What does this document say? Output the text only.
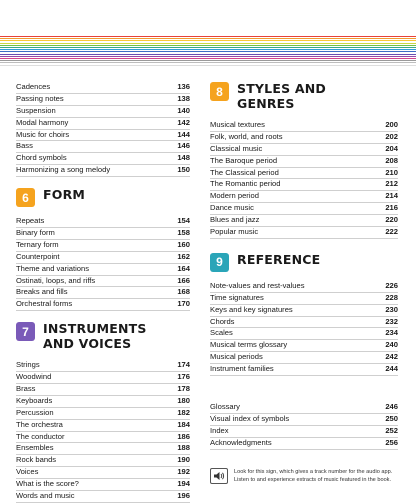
Cadences	136
Passing notes	138
Suspension	140
Modal harmony	142
Music for choirs	144
Bass	146
Chord symbols	148
Harmonizing a song melody	150
6	FORM
Repeats	154
Binary form	158
Ternary form	160
Counterpoint	162
Theme and variations	164
Ostinati, loops, and riffs	166
Breaks and fills	168
Orchestral forms	170
7	INSTRUMENTS
AND VOICES
Strings	174
Woodwind	176
Brass	178
Keyboards	180
Percussion	182
The orchestra	184
The conductor	186
Ensembles	188
Rock bands	190
Voices	192
What is the score?	194
Words and music	196
8	STYLES AND
GENRES
Musical textures	200
Folk, world, and roots	202
Classical music	204
The Baroque period	208
The Classical period	210
The Romantic period	212
Modern period	214
Dance music	216
Blues and jazz	220
Popular music	222
9	REFERENCE
Note-values and rest-values	226
Time signatures	228
Keys and key signatures	230
Chords	232
Scales	234
Musical terms glossary	240
Musical periods	242
Instrument families	244
Glossary	246
Visual index of symbols	250
Index	252
Acknowledgments	256
Look for this sign, which gives a track number for the audio app.
Listen to and experience extracts of music featured in the book.
